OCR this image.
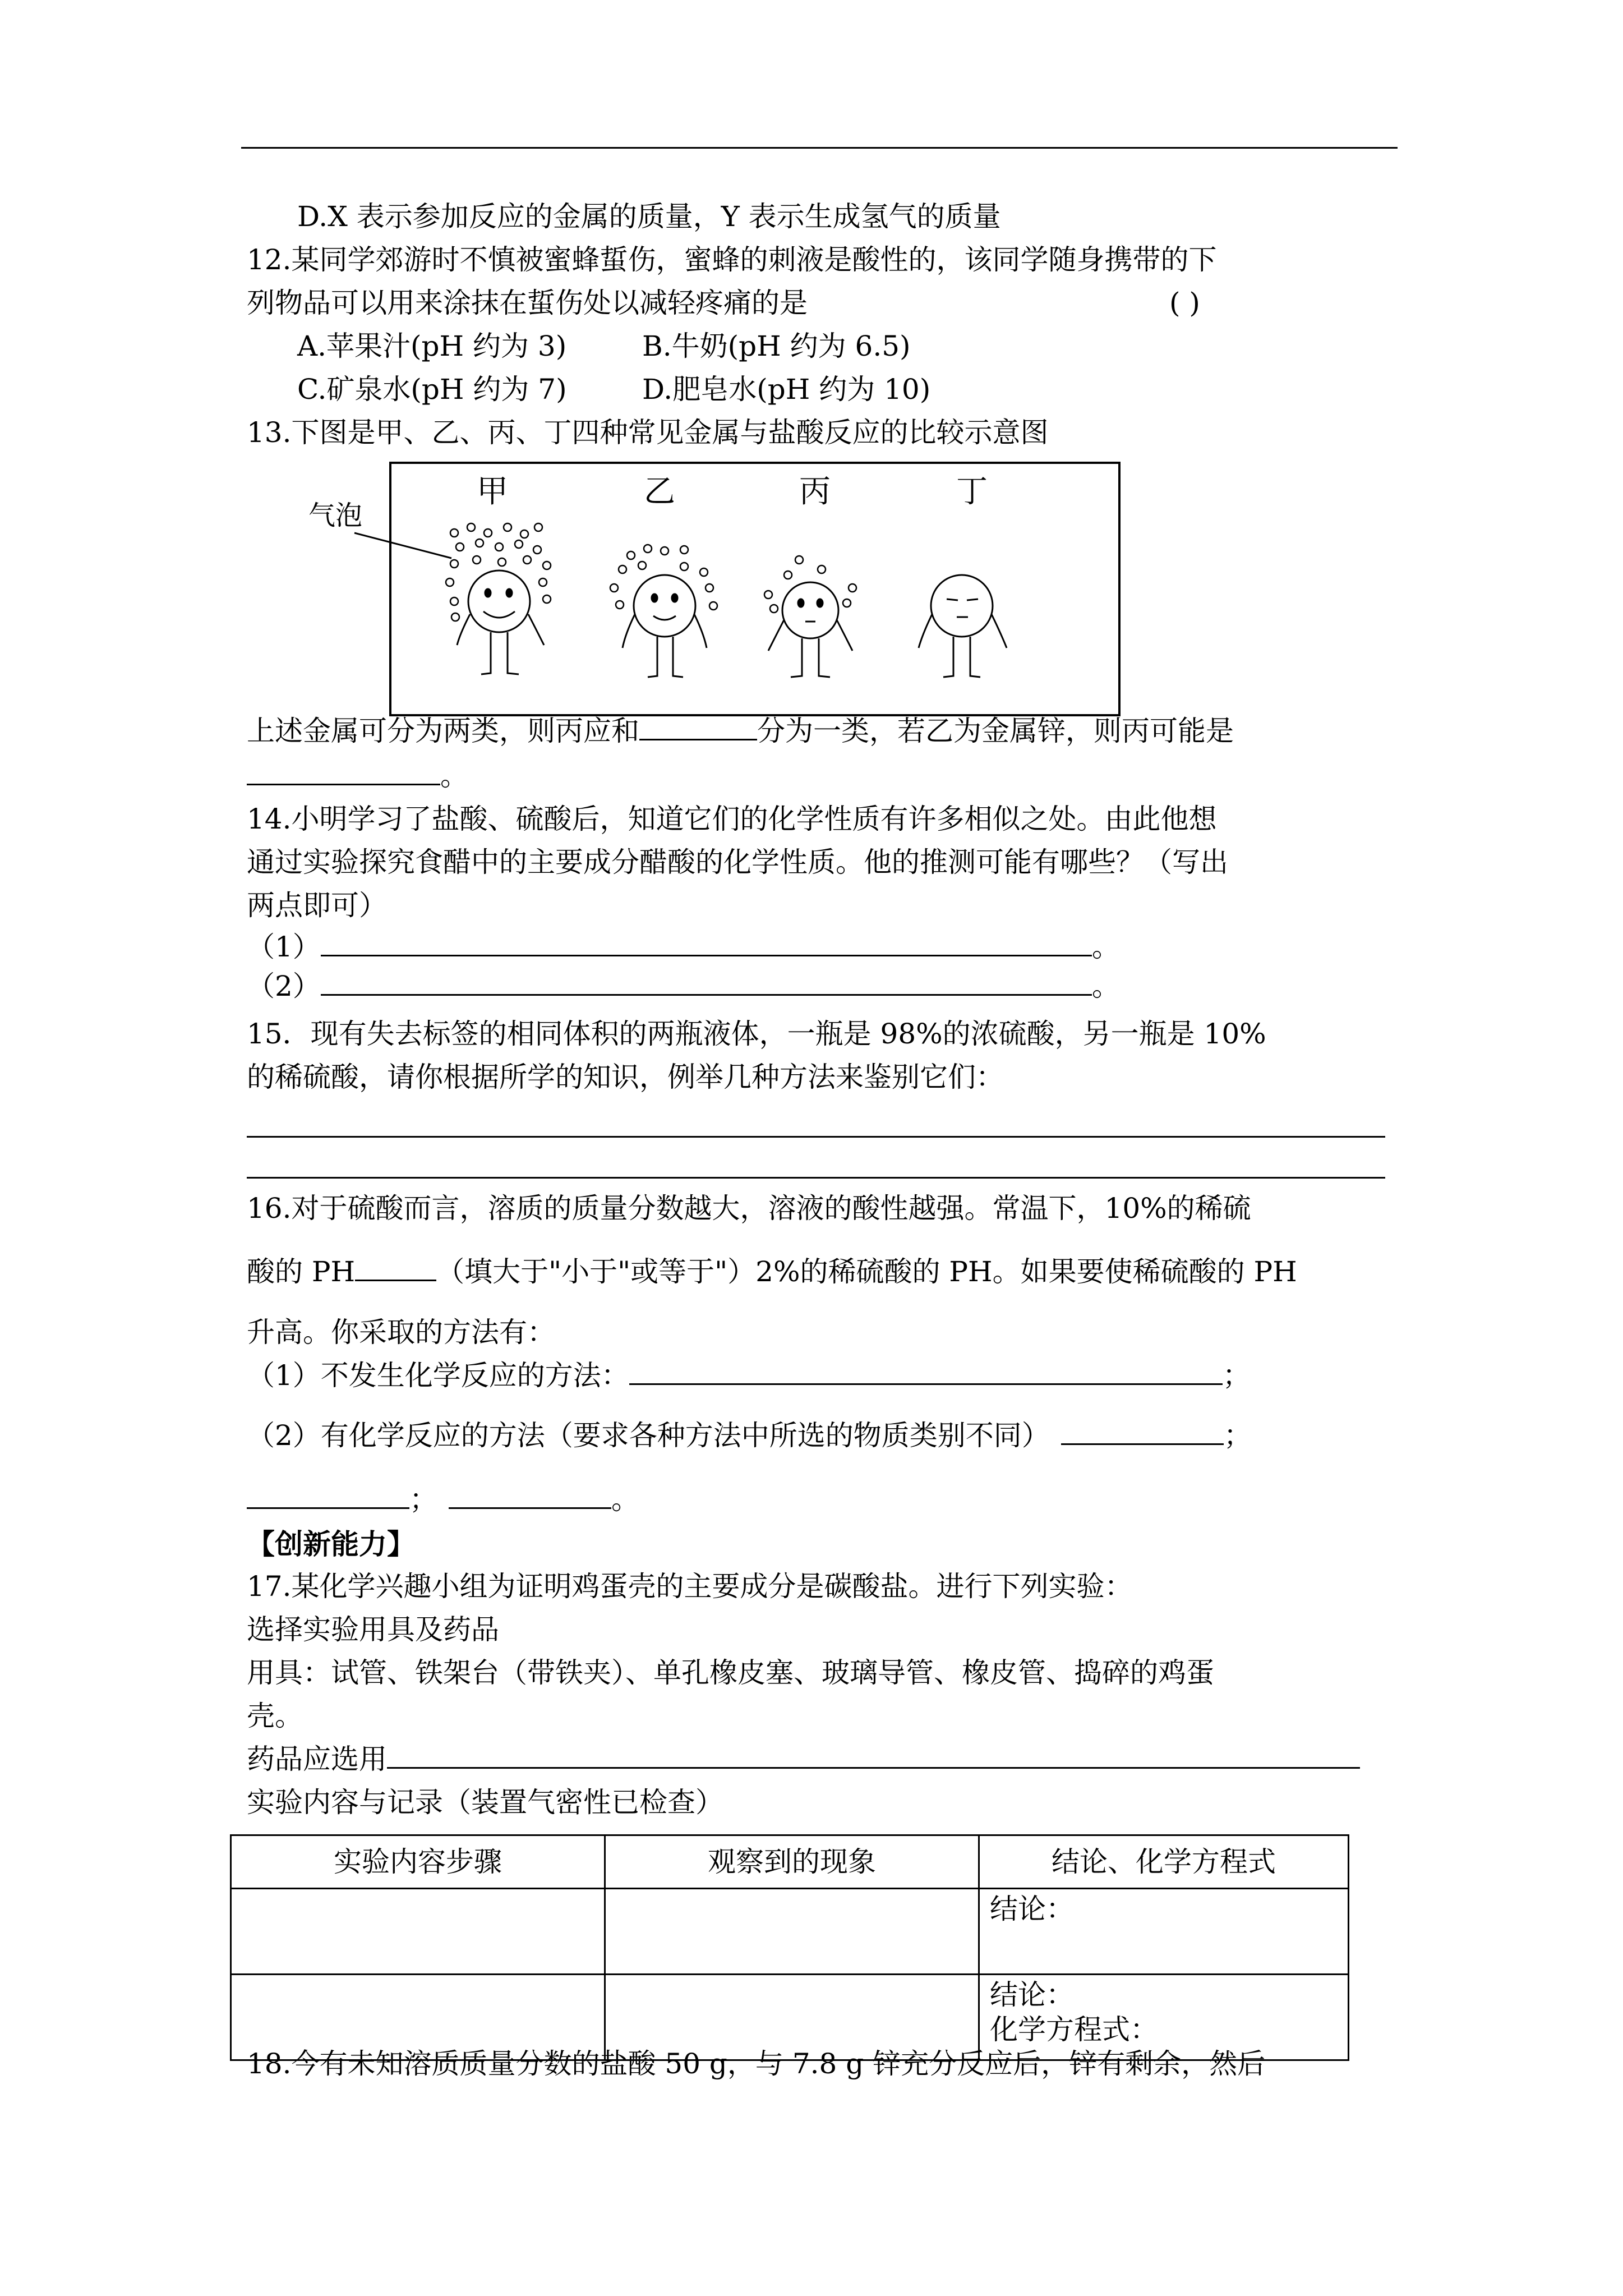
D.X 表示参加反应的金属的质量，Y 表示生成氢气的质量
12.某同学郊游时不慎被蜜蜂蜇伤，蜜蜂的刺液是酸性的，该同学随身携带的下
列物品可以用来涂抹在蜇伤处以减轻疼痛的是	( )
A.苹果汁(pH 约为 3)	B.牛奶(pH 约为 6.5)
C.矿泉水(pH 约为 7)	D.肥皂水(pH 约为 10)
13.下图是甲、乙、丙、丁四种常见金属与盐酸反应的比较示意图
气泡
甲	乙	丙	丁
上述金属可分为两类，则丙应和	分为一类，若乙为金属锌，则丙可能是
。
14.小明学习了盐酸、硫酸后，知道它们的化学性质有许多相似之处。由此他想
通过实验探究食醋中的主要成分醋酸的化学性质。他的推测可能有哪些？（写出
两点即可）
（1）	。
（2）	。
15．现有失去标签的相同体积的两瓶液体，一瓶是 98%的浓硫酸，另一瓶是 10%
的稀硫酸，请你根据所学的知识，例举几种方法来鉴别它们：
16.对于硫酸而言，溶质的质量分数越大，溶液的酸性越强。常温下，10%的稀硫
酸的 PH	（填大于"小于"或等于"）2%的稀硫酸的 PH。如果要使稀硫酸的 PH
升高。你采取的方法有：
（1）不发生化学反应的方法：	；
（2）有化学反应的方法（要求各种方法中所选的物质类别不同）	；
；	。
【创新能力】
17.某化学兴趣小组为证明鸡蛋壳的主要成分是碳酸盐。进行下列实验：
选择实验用具及药品
用具：试管、铁架台（带铁夹）、单孔橡皮塞、玻璃导管、橡皮管、捣碎的鸡蛋
壳。
药品应选用
实验内容与记录（装置气密性已检查）
实验内容步骤	观察到的现象	结论、化学方程式
		结论：

		结论：
化学方程式：
18.今有未知溶质质量分数的盐酸 50 g，与 7.8 g 锌充分反应后，锌有剩余，然后
